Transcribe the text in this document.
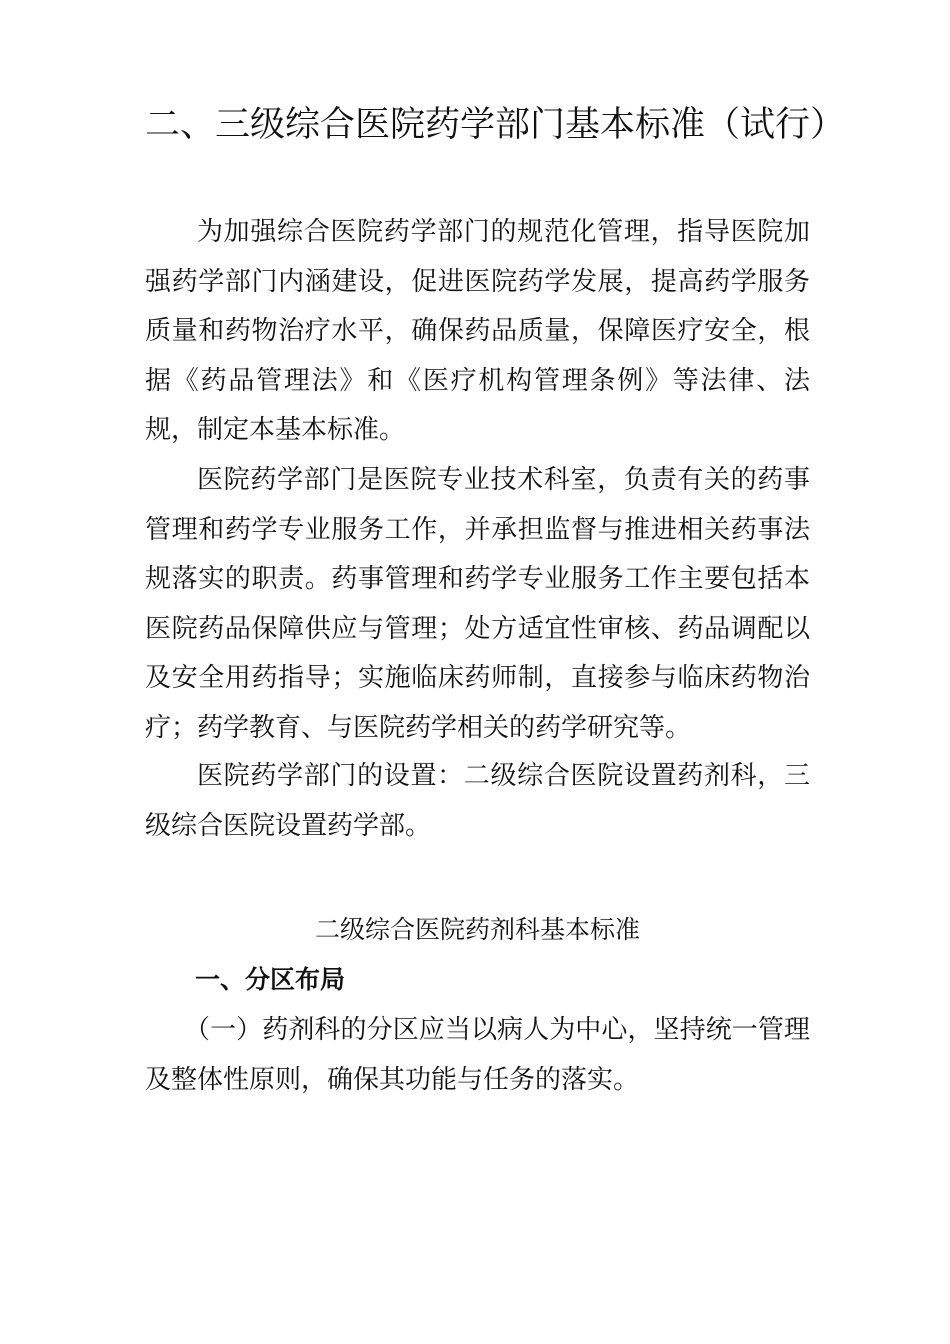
二、三级综合医院药学部门基本标准（试行）

为加强综合医院药学部门的规范化管理，指导医院加强药学部门内涵建设，促进医院药学发展，提高药学服务质量和药物治疗水平，确保药品质量，保障医疗安全，根据《药品管理法》和《医疗机构管理条例》等法律、法规，制定本基本标准。

医院药学部门是医院专业技术科室，负责有关的药事管理和药学专业服务工作，并承担监督与推进相关药事法规落实的职责。药事管理和药学专业服务工作主要包括本医院药品保障供应与管理；处方适宜性审核、药品调配以及安全用药指导；实施临床药师制，直接参与临床药物治疗；药学教育、与医院药学相关的药学研究等。

医院药学部门的设置：二级综合医院设置药剂科，三级综合医院设置药学部。

二级综合医院药剂科基本标准
一、分区布局

（一）药剂科的分区应当以病人为中心，坚持统一管理及整体性原则，确保其功能与任务的落实。
